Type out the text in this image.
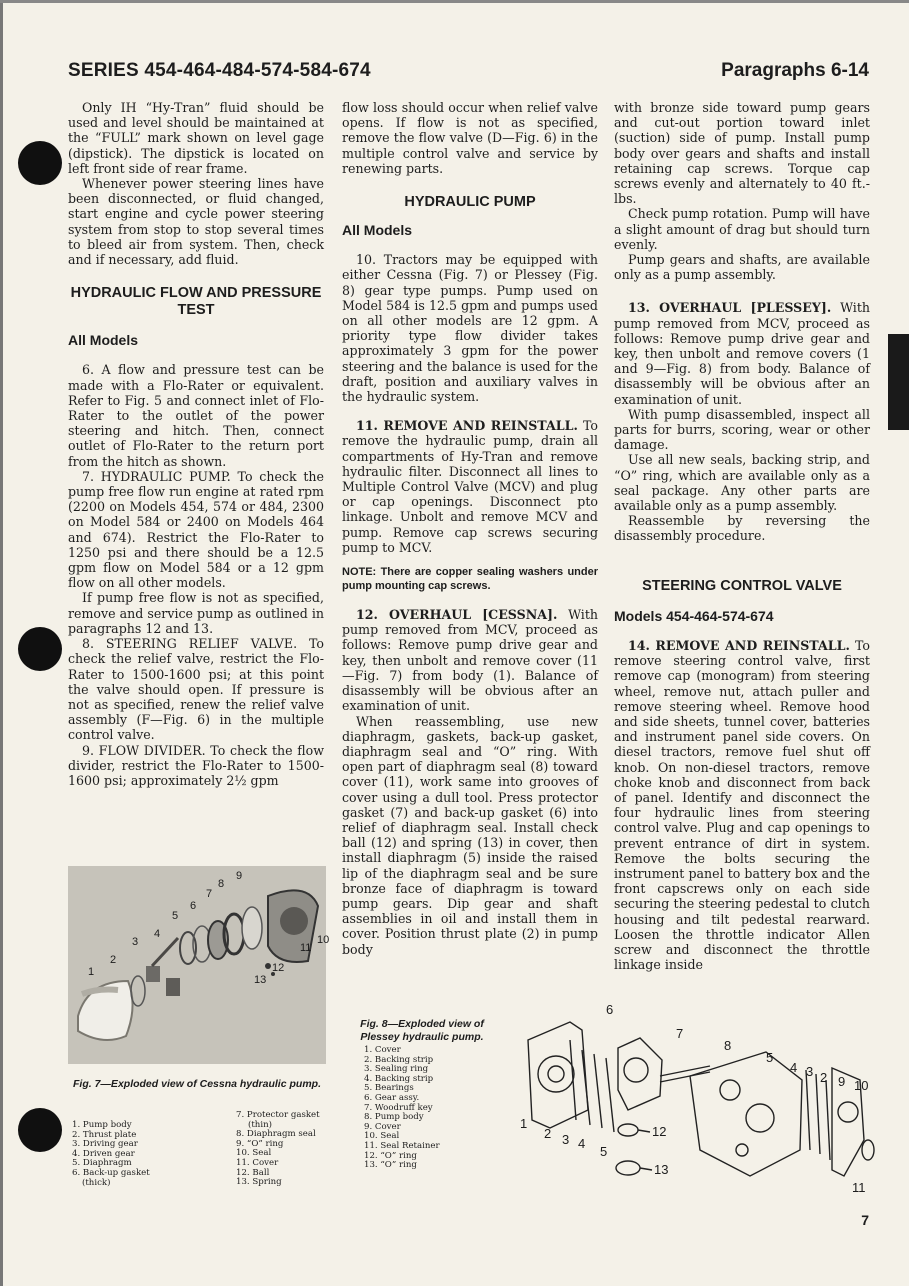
SERIES 454-464-484-574-584-674	Paragraphs 6-14

Only IH “Hy-Tran” fluid should be used and level should be maintained at the “FULL” mark shown on level gage (dipstick). The dipstick is located on left front side of rear frame.

Whenever power steering lines have been disconnected, or fluid changed, start engine and cycle power steering system from stop to stop several times to bleed air from system. Then, check and if necessary, add fluid.

HYDRAULIC FLOW AND PRESSURE TEST
All Models

6. A flow and pressure test can be made with a Flo-Rater or equivalent. Refer to Fig. 5 and connect inlet of Flo-Rater to the outlet of the power steering and hitch. Then, connect outlet of Flo-Rater to the return port from the hitch as shown.

7. HYDRAULIC PUMP. To check the pump free flow run engine at rated rpm (2200 on Models 454, 574 or 484, 2300 on Model 584 or 2400 on Models 464 and 674). Restrict the Flo-Rater to 1250 psi and there should be a 12.5 gpm flow on Model 584 or a 12 gpm flow on all other models.

If pump free flow is not as specified, remove and service pump as outlined in paragraphs 12 and 13.

8. STEERING RELIEF VALVE. To check the relief valve, restrict the Flo-Rater to 1500-1600 psi; at this point the valve should open. If pressure is not as specified, renew the relief valve assembly (F—Fig. 6) in the multiple control valve.

9. FLOW DIVIDER. To check the flow divider, restrict the Flo-Rater to 1500-1600 psi; approximately 2½ gpm

flow loss should occur when relief valve opens. If flow is not as specified, remove the flow valve (D—Fig. 6) in the multiple control valve and service by renewing parts.

HYDRAULIC PUMP
All Models

10. Tractors may be equipped with either Cessna (Fig. 7) or Plessey (Fig. 8) gear type pumps. Pump used on Model 584 is 12.5 gpm and pumps used on all other models are 12 gpm. A priority type flow divider takes approximately 3 gpm for the power steering and the balance is used for the draft, position and auxiliary valves in the hydraulic system.

11. REMOVE AND REINSTALL. To remove the hydraulic pump, drain all compartments of Hy-Tran and remove hydraulic filter. Disconnect all lines to Multiple Control Valve (MCV) and plug or cap openings. Disconnect pto linkage. Unbolt and remove MCV and pump. Remove cap screws securing pump to MCV.

NOTE: There are copper sealing washers under pump mounting cap screws.

12. OVERHAUL [CESSNA]. With pump removed from MCV, proceed as follows: Remove pump drive gear and key, then unbolt and remove cover (11—Fig. 7) from body (1). Balance of disassembly will be obvious after an examination of unit.

When reassembling, use new diaphragm, gaskets, back-up gasket, diaphragm seal and “O” ring. With open part of diaphragm seal (8) toward cover (11), work same into grooves of cover using a dull tool. Press protector gasket (7) and back-up gasket (6) into relief of diaphragm seal. Install check ball (12) and spring (13) in cover, then install diaphragm (5) inside the raised lip of the diaphragm seal and be sure bronze face of diaphragm is toward pump gears. Dip gear and shaft assemblies in oil and install them in cover. Position thrust plate (2) in pump body

with bronze side toward pump gears and cut-out portion toward inlet (suction) side of pump. Install pump body over gears and shafts and install retaining cap screws. Torque cap screws evenly and alternately to 40 ft.-lbs.

Check pump rotation. Pump will have a slight amount of drag but should turn evenly.

Pump gears and shafts, are available only as a pump assembly.

13. OVERHAUL [PLESSEY]. With pump removed from MCV, proceed as follows: Remove pump drive gear and key, then unbolt and remove covers (1 and 9—Fig. 8) from body. Balance of disassembly will be obvious after an examination of unit.

With pump disassembled, inspect all parts for burrs, scoring, wear or other damage.

Use all new seals, backing strip, and “O” ring, which are available only as a seal package. Any other parts are available only as a pump assembly.

Reassemble by reversing the disassembly procedure.

STEERING CONTROL VALVE
Models 454-464-574-674

14. REMOVE AND REINSTALL. To remove steering control valve, first remove cap (monogram) from steering wheel, remove nut, attach puller and remove steering wheel. Remove hood and side sheets, tunnel cover, batteries and instrument panel side covers. On diesel tractors, remove fuel shut off knob. On non-diesel tractors, remove choke knob and disconnect from back of panel. Identify and disconnect the four hydraulic lines from steering control valve. Plug and cap openings to prevent entrance of dirt in system. Remove the bolts securing the instrument panel to battery box and the front capscrews only on each side securing the steering pedestal to clutch housing and tilt pedestal rearward. Loosen the throttle indicator Allen screw and disconnect the throttle linkage inside

1
2
3
4
5
6
7
8
9
10
11
12
13
Fig. 7—Exploded view of Cessna hydraulic pump.
1. Pump body
2. Thrust plate
3. Driving gear
4. Driven gear
5. Diaphragm
6. Back-up gasket
(thick)
7. Protector gasket
(thin)
8. Diaphragm seal
9. “O” ring
10. Seal
11. Cover
12. Ball
13. Spring
Fig. 8—Exploded view of Plessey hydraulic pump.
1. Cover
2. Backing strip
3. Sealing ring
4. Backing strip
5. Bearings
6. Gear assy.
7. Woodruff key
8. Pump body
9. Cover
10. Seal
11. Seal Retainer
12. “O” ring
13. “O” ring
1
2 3 4
5
6
7
8
5
4 3 2 9 10
11
12
13
7
